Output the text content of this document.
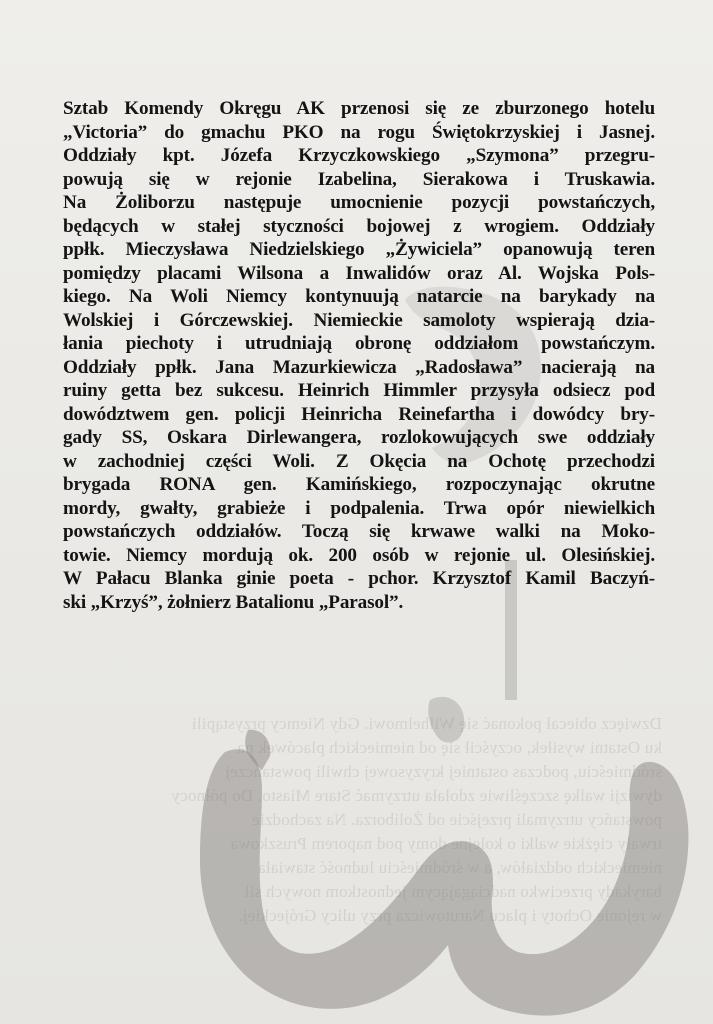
Dzwięcz obiecał pokonać się Wilhelmowi. Gdy Niemcy przystąpili
ku Ostatni wysiłek, oczyścił się od niemieckich placówek na
śródmieściu, podczas ostatniej kryzysowej chwili powstańczej
dywizji walkę szczęśliwie zdołała utrzymać Stare Miasto. Do północy
powstańcy utrzymali przejście od Żoliborza. Na zachodzie
trwały ciężkie walki o kolejne domy pod naporem Pruszkowa
niemieckich oddziałów, a w śródmieściu ludność stawiała
barykady przeciwko nadciągającym jednostkom nowych sił
w rejonie Ochoty i placu Narutowicza przy ulicy Grójeckiej.
Sztab Komendy Okręgu AK przenosi się ze zburzonego hotelu
„Victoria” do gmachu PKO na rogu Świętokrzyskiej i Jasnej.
Oddziały kpt. Józefa Krzyczkowskiego „Szymona” przegru-
powują się w rejonie Izabelina, Sierakowa i Truskawia.
Na Żoliborzu następuje umocnienie pozycji powstańczych,
będących w stałej styczności bojowej z wrogiem. Oddziały
ppłk. Mieczysława Niedzielskiego „Żywiciela” opanowują teren
pomiędzy placami Wilsona a Inwalidów oraz Al. Wojska Pols-
kiego. Na Woli Niemcy kontynuują natarcie na barykady na
Wolskiej i Górczewskiej. Niemieckie samoloty wspierają dzia-
łania piechoty i utrudniają obronę oddziałom powstańczym.
Oddziały ppłk. Jana Mazurkiewicza „Radosława” nacierają na
ruiny getta bez sukcesu. Heinrich Himmler przysyła odsiecz pod
dowództwem gen. policji Heinricha Reinefartha i dowódcy bry-
gady SS, Oskara Dirlewangera, rozlokowujących swe oddziały
w zachodniej części Woli. Z Okęcia na Ochotę przechodzi
brygada RONA gen. Kamińskiego, rozpoczynając okrutne
mordy, gwałty, grabieże i podpalenia. Trwa opór niewielkich
powstańczych oddziałów. Toczą się krwawe walki na Moko-
towie. Niemcy mordują ok. 200 osób w rejonie ul. Olesińskiej.
W Pałacu Blanka ginie poeta - pchor. Krzysztof Kamil Baczyń-
ski „Krzyś”, żołnierz Batalionu „Parasol”.
